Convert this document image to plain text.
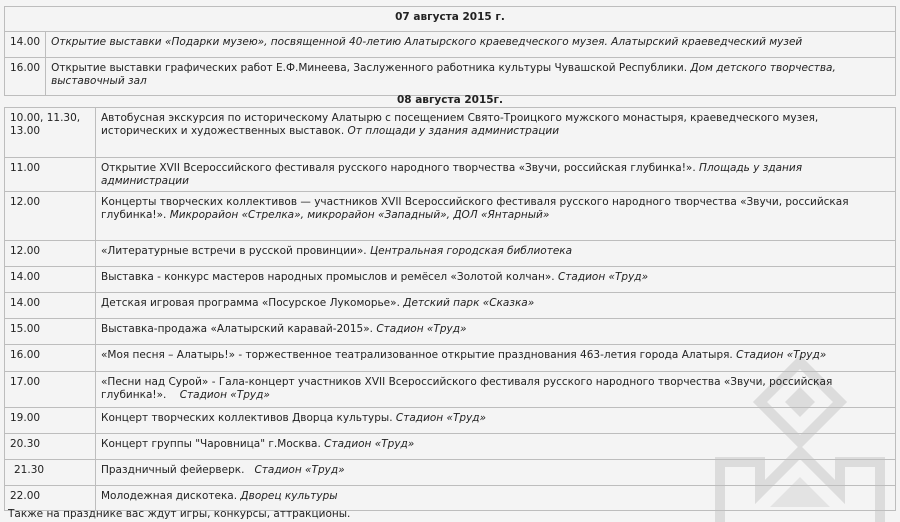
07 августа 2015 г.	
14.00	Открытие выставки «Подарки музею», посвященной 40-летию Алатырского краеведческого музея. Алатырский краеведческий музей
16.00	Открытие выставки графических работ Е.Ф.Минеева, Заслуженного работника культуры Чувашской Республики. Дом детского творчества, выставочный зал
08 августа 2015г.
10.00, 11.30, 13.00	Автобусная экскурсия по историческому Алатырю с посещением Свято-Троицкого мужского монастыря, краеведческого музея, исторических и художественных выставок. От площади у здания администрации
11.00	Открытие XVII Всероссийского фестиваля русского народного творчества «Звучи, российская глубинка!». Площадь у здания администрации
12.00	Концерты творческих коллективов — участников XVII Всероссийского фестиваля русского народного творчества «Звучи, российская глубинка!». Микрорайон «Стрелка», микрорайон «Западный», ДОЛ «Янтарный»
12.00	«Литературные встречи в русской провинции». Центральная городская библиотека
14.00	Выставка - конкурс мастеров народных промыслов и ремёсел «Золотой колчан». Стадион «Труд»
14.00	Детская игровая программа «Посурское Лукоморье». Детский парк «Сказка»
15.00	Выставка-продажа «Алатырский каравай-2015». Стадион «Труд»
16.00	«Моя песня – Алатырь!» - торжественное театрализованное открытие празднования 463-летия города Алатыря. Стадион «Труд»
17.00	«Песни над Сурой» - Гала-концерт участников XVII Всероссийского фестиваля русского народного творчества «Звучи, российская глубинка!». Стадион «Труд»
19.00	Концерт творческих коллективов Дворца культуры. Стадион «Труд»
20.30	Концерт группы "Чаровница" г.Москва. Стадион «Труд»
21.30	Праздничный фейерверк. Стадион «Труд»
22.00	Молодежная дискотека. Дворец культуры
Также на празднике вас ждут игры, конкурсы, аттракционы.
